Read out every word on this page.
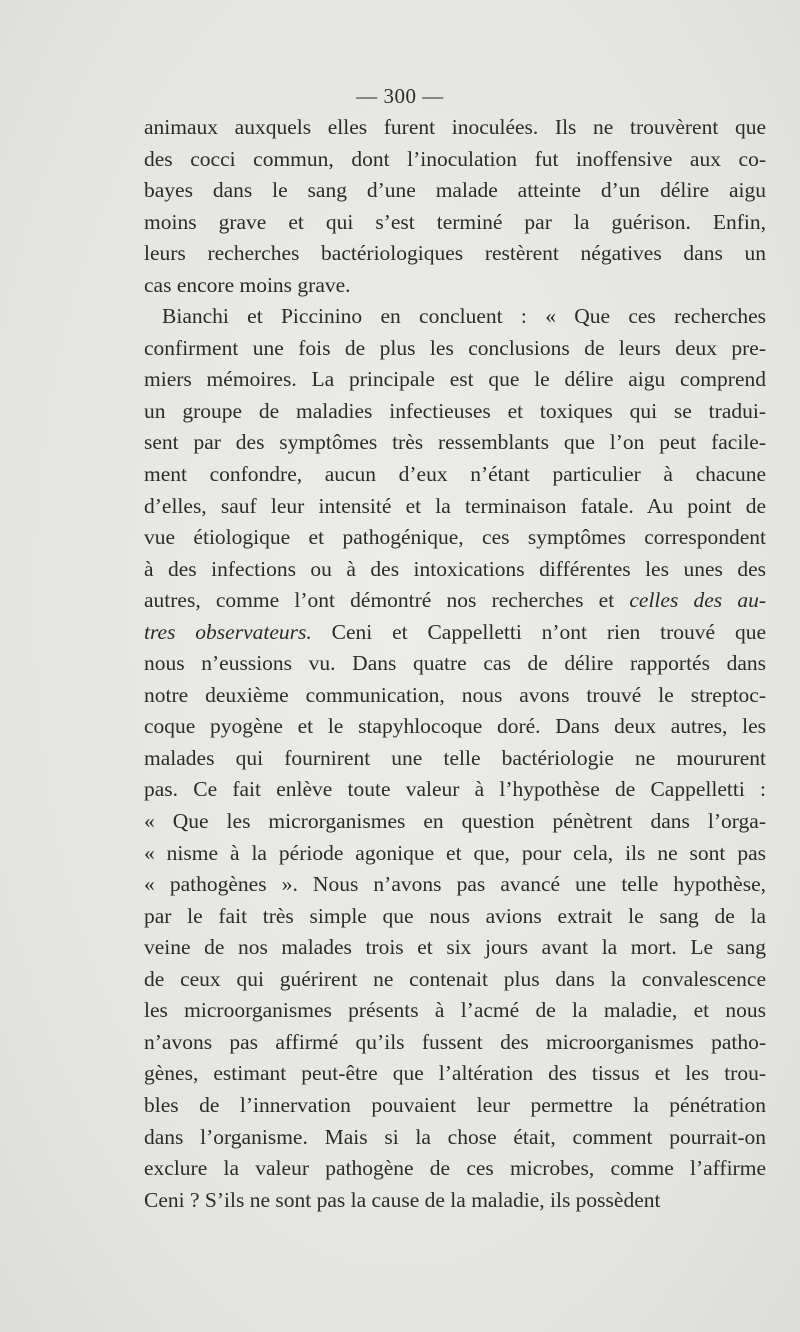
— 300 —
animaux auxquels elles furent inoculées. Ils ne trouvèrent que
des cocci commun, dont l’inoculation fut inoffensive aux co-
bayes dans le sang d’une malade atteinte d’un délire aigu
moins grave et qui s’est terminé par la guérison. Enfin,
leurs recherches bactériologiques restèrent négatives dans un
cas encore moins grave.
Bianchi et Piccinino en concluent : « Que ces recherches
confirment une fois de plus les conclusions de leurs deux pre-
miers mémoires. La principale est que le délire aigu comprend
un groupe de maladies infectieuses et toxiques qui se tradui-
sent par des symptômes très ressemblants que l’on peut facile-
ment confondre, aucun d’eux n’étant particulier à chacune
d’elles, sauf leur intensité et la terminaison fatale. Au point de
vue étiologique et pathogénique, ces symptômes correspondent
à des infections ou à des intoxications différentes les unes des
autres, comme l’ont démontré nos recherches et celles des au-
tres observateurs. Ceni et Cappelletti n’ont rien trouvé que
nous n’eussions vu. Dans quatre cas de délire rapportés dans
notre deuxième communication, nous avons trouvé le streptoc-
coque pyogène et le stapyhlocoque doré. Dans deux autres, les
malades qui fournirent une telle bactériologie ne moururent
pas. Ce fait enlève toute valeur à l’hypothèse de Cappelletti :
« Que les microrganismes en question pénètrent dans l’orga-
« nisme à la période agonique et que, pour cela, ils ne sont pas
« pathogènes ». Nous n’avons pas avancé une telle hypothèse,
par le fait très simple que nous avions extrait le sang de la
veine de nos malades trois et six jours avant la mort. Le sang
de ceux qui guérirent ne contenait plus dans la convalescence
les microorganismes présents à l’acmé de la maladie, et nous
n’avons pas affirmé qu’ils fussent des microorganismes patho-
gènes, estimant peut-être que l’altération des tissus et les trou-
bles de l’innervation pouvaient leur permettre la pénétration
dans l’organisme. Mais si la chose était, comment pourrait-on
exclure la valeur pathogène de ces microbes, comme l’affirme
Ceni ? S’ils ne sont pas la cause de la maladie, ils possèdent
